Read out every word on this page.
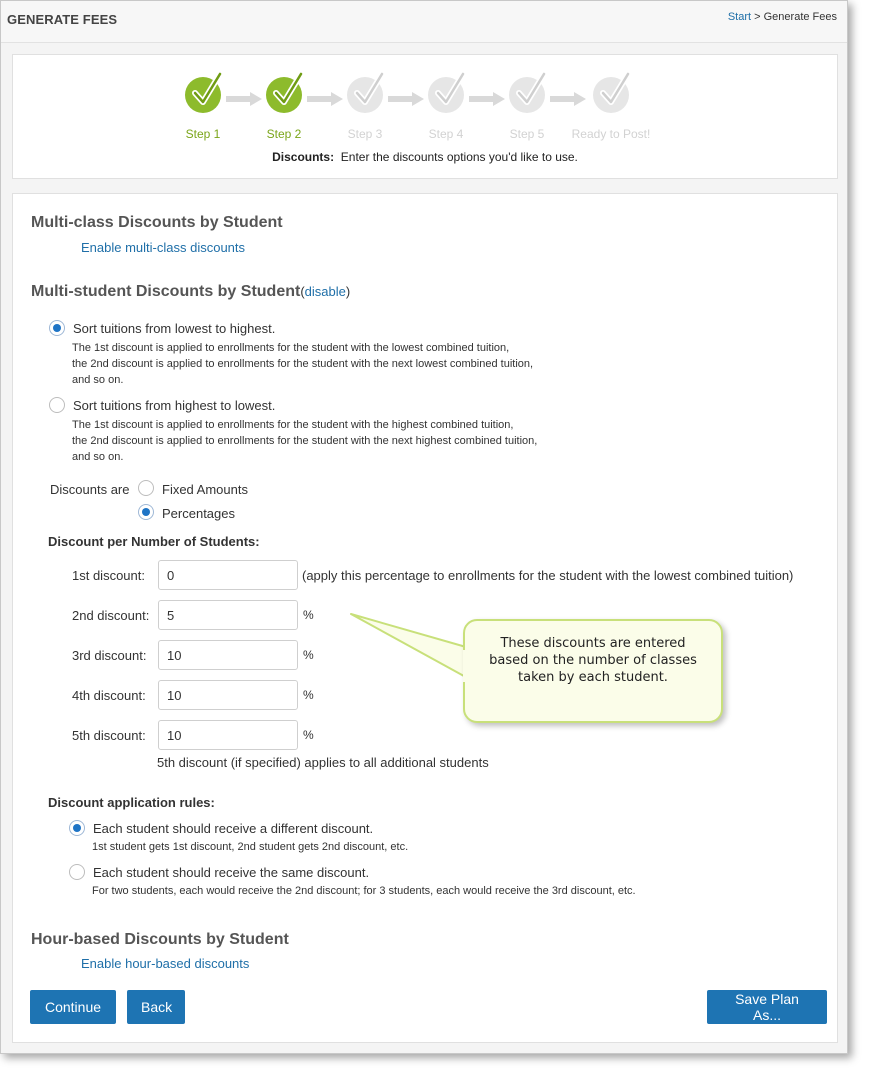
GENERATE FEES	Start > Generate Fees
Step 1	Step 2	Step 3	Step 4	Step 5	Ready to Post!
Discounts: Enter the discounts options you'd like to use.
Multi-class Discounts by Student
Enable multi-class discounts
Multi-student Discounts by Student(disable)
Sort tuitions from lowest to highest.
The 1st discount is applied to enrollments for the student with the lowest combined tuition,
the 2nd discount is applied to enrollments for the student with the next lowest combined tuition,
and so on.
Sort tuitions from highest to lowest.
The 1st discount is applied to enrollments for the student with the highest combined tuition,
the 2nd discount is applied to enrollments for the student with the next highest combined tuition,
and so on.
Discounts are	Fixed Amounts
Percentages
Discount per Number of Students:
1st discount:
0	(apply this percentage to enrollments for the student with the lowest combined tuition)
2nd discount:
5	%
3rd discount:
10	%
4th discount:
10	%
5th discount:
10	%
5th discount (if specified) applies to all additional students
These discounts are entered
based on the number of classes
taken by each student.
Discount application rules:
Each student should receive a different discount.
1st student gets 1st discount, 2nd student gets 2nd discount, etc.
Each student should receive the same discount.
For two students, each would receive the 2nd discount; for 3 students, each would receive the 3rd discount, etc.
Hour-based Discounts by Student
Enable hour-based discounts
Continue	Back	Save Plan As...
